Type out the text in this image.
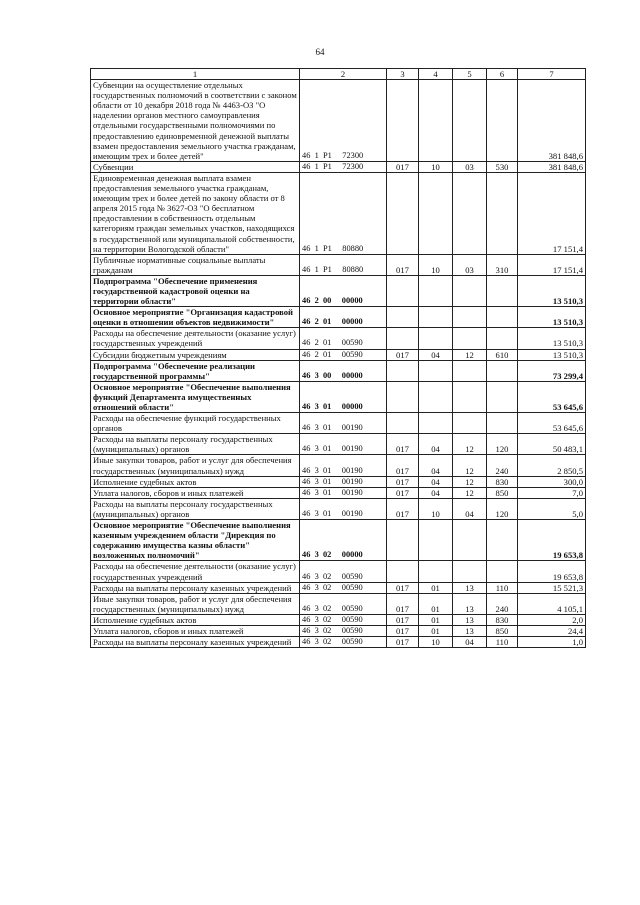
64
1	2	3	4	5	6	7
Субвенции на осуществление отдельных государственных полномочий в соответствии с законом области от 10 декабря 2018 года № 4463-ОЗ "О наделении органов местного самоуправления отдельными государственными полномочиями по предоставлению единовременной денежной выплаты взамен предоставления земельного участка гражданам, имеющим трех и более детей"	46  1  P1     72300					381 848,6
Субвенции	46  1  P1     72300	017	10	03	530	381 848,6
Единовременная денежная выплата взамен предоставления земельного участка гражданам, имеющим трех и более детей по закону области от 8 апреля 2015 года № 3627-ОЗ "О бесплатном предоставлении в собственность отдельным категориям граждан земельных участков, находящихся в государственной или муниципальной собственности, на территории Вологодской области"	46  1  P1     80880					17 151,4
Публичные нормативные социальные выплаты гражданам	46  1  P1     80880	017	10	03	310	17 151,4
Подпрограмма "Обеспечение применения государственной кадастровой оценки на территории области"	46  2  00     00000					13 510,3
Основное мероприятие "Организация кадастровой оценки в отношении объектов недвижимости"	46  2  01     00000					13 510,3
Расходы на обеспечение деятельности (оказание услуг) государственных учреждений	46  2  01     00590					13 510,3
Субсидии бюджетным учреждениям	46  2  01     00590	017	04	12	610	13 510,3
Подпрограмма "Обеспечение реализации государственной программы"	46  3  00     00000					73 299,4
Основное мероприятие "Обеспечение выполнения функций Департамента имущественных отношений области"	46  3  01     00000					53 645,6
Расходы на обеспечение функций государственных органов	46  3  01     00190					53 645,6
Расходы на выплаты персоналу государственных (муниципальных) органов	46  3  01     00190	017	04	12	120	50 483,1
Иные закупки товаров, работ и услуг для обеспечения государственных (муниципальных) нужд	46  3  01     00190	017	04	12	240	2 850,5
Исполнение судебных актов	46  3  01     00190	017	04	12	830	300,0
Уплата налогов, сборов и иных платежей	46  3  01     00190	017	04	12	850	7,0
Расходы на выплаты персоналу государственных (муниципальных) органов	46  3  01     00190	017	10	04	120	5,0
Основное мероприятие "Обеспечение выполнения казенным учреждением области "Дирекция по содержанию имущества казны области" возложенных полномочий"	46  3  02     00000					19 653,8
Расходы на обеспечение деятельности (оказание услуг) государственных учреждений	46  3  02     00590					19 653,8
Расходы на выплаты персоналу казенных учреждений	46  3  02     00590	017	01	13	110	15 521,3
Иные закупки товаров, работ и услуг для обеспечения государственных (муниципальных) нужд	46  3  02     00590	017	01	13	240	4 105,1
Исполнение судебных актов	46  3  02     00590	017	01	13	830	2,0
Уплата налогов, сборов и иных платежей	46  3  02     00590	017	01	13	850	24,4
Расходы на выплаты персоналу казенных учреждений	46  3  02     00590	017	10	04	110	1,0
